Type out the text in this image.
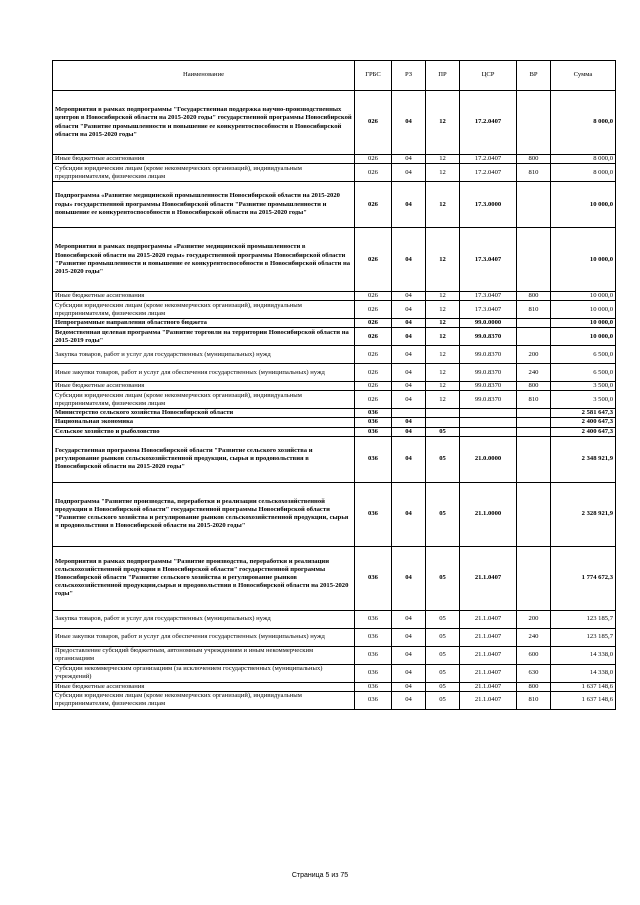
Наименование	ГРБС	РЗ	ПР	ЦСР	ВР	Сумма
Мероприятия в рамках подпрограммы "Государственная поддержка научно-производственных центров в Новосибирской области на 2015-2020 годы" государственной программы Новосибирской области "Развитие промышленности и повышение ее конкурентоспособности в Новосибирской области на 2015-2020 годы"	026	04	12	17.2.0407		8 000,0
Иные бюджетные ассигнования	026	04	12	17.2.0407	800	8 000,0
Субсидии юридическим лицам (кроме некоммерческих организаций), индивидуальным предпринимателям, физическим лицам	026	04	12	17.2.0407	810	8 000,0
Подпрограмма «Развитие медицинской промышленности Новосибирской области на 2015-2020 годы» государственной программы Новосибирской области "Развитие промышленности и повышение ее конкурентоспособности в Новосибирской области на 2015-2020 годы"	026	04	12	17.3.0000		10 000,0
Мероприятия в рамках подпрограммы «Развитие медицинской промышленности в Новосибирской области на 2015-2020 годы» государственной программы Новосибирской области "Развитие промышленности и повышение ее конкурентоспособности в Новосибирской области на 2015-2020 годы"	026	04	12	17.3.0407		10 000,0
Иные бюджетные ассигнования	026	04	12	17.3.0407	800	10 000,0
Субсидии юридическим лицам (кроме некоммерческих организаций), индивидуальным предпринимателям, физическим лицам	026	04	12	17.3.0407	810	10 000,0
Непрограммные направления областного бюджета	026	04	12	99.0.0000		10 000,0
Ведомственная целевая программа "Развитие торговли на территории Новосибирской области на 2015-2019 годы"	026	04	12	99.0.8370		10 000,0
Закупка товаров, работ и услуг для государственных (муниципальных) нужд	026	04	12	99.0.8370	200	6 500,0
Иные закупки товаров, работ и услуг для обеспечения государственных (муниципальных) нужд	026	04	12	99.0.8370	240	6 500,0
Иные бюджетные ассигнования	026	04	12	99.0.8370	800	3 500,0
Субсидии юридическим лицам (кроме некоммерческих организаций), индивидуальным предпринимателям, физическим лицам	026	04	12	99.0.8370	810	3 500,0
Министерство сельского хозяйства Новосибирской области	036					2 581 647,3
Национальная экономика	036	04				2 400 647,3
Сельское хозяйство и рыболовство	036	04	05			2 400 647,3
Государственная программа Новосибирской области "Развитие сельского хозяйства и регулирование рынков сельскохозяйственной продукции, сырья и продовольствия в Новосибирской области на 2015-2020 годы"	036	04	05	21.0.0000		2 348 921,9
Подпрограмма "Развитие производства, переработки и реализации сельскохозяйственной продукции в Новосибирской области" государственной программы Новосибирской области "Развитие сельского хозяйства и регулирование рынков сельскохозяйственной продукции, сырья и продовольствия в Новосибирской области на 2015-2020 годы"	036	04	05	21.1.0000		2 328 921,9
Мероприятия в рамках подпрограммы "Развитие производства, переработки и реализации сельскохозяйственной продукции в Новосибирской области" государственной программы Новосибирской области "Развитие сельского хозяйства и регулирование рынков сельскохозяйственной продукции,сырья и продовольствия в Новосибирской области на 2015-2020 годы"	036	04	05	21.1.0407		1 774 672,3
Закупка товаров, работ и услуг для государственных (муниципальных) нужд	036	04	05	21.1.0407	200	123 185,7
Иные закупки товаров, работ и услуг для обеспечения государственных (муниципальных) нужд	036	04	05	21.1.0407	240	123 185,7
Предоставление субсидий бюджетным, автономным учреждениям и иным некоммерческим организациям	036	04	05	21.1.0407	600	14 338,0
Субсидии некоммерческим организациям (за исключением государственных (муниципальных) учреждений)	036	04	05	21.1.0407	630	14 338,0
Иные бюджетные ассигнования	036	04	05	21.1.0407	800	1 637 148,6
Субсидии юридическим лицам (кроме некоммерческих организаций), индивидуальным предпринимателям, физическим лицам	036	04	05	21.1.0407	810	1 637 148,6
Страница 5 из 75
